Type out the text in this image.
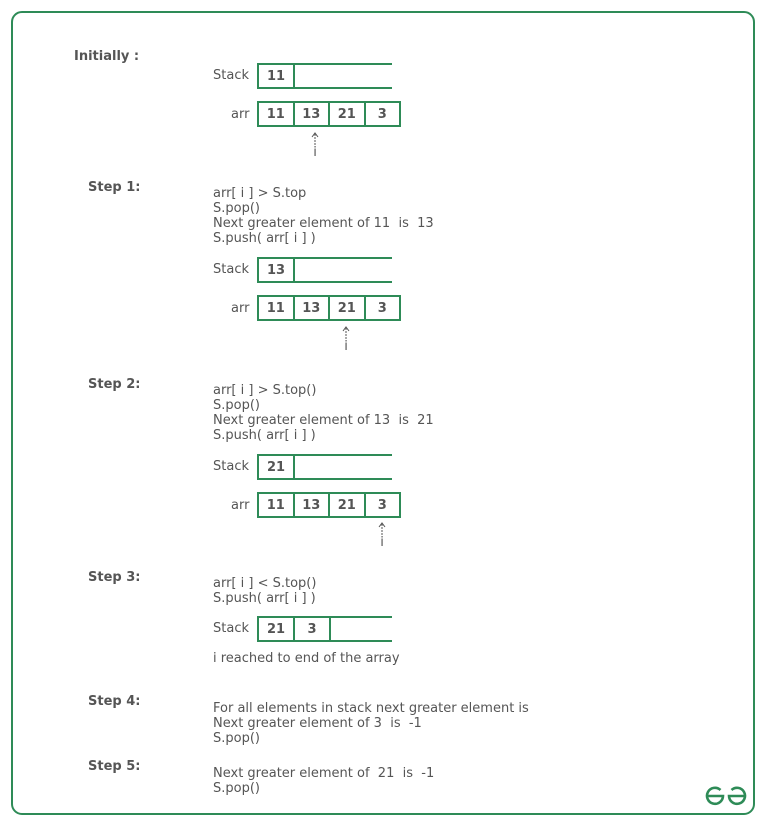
Initially :
Stack	11
arr	11	13	21	3
i
Step 1:	arr[ i ] > S.top
S.pop()
Next greater element of 11  is  13
S.push( arr[ i ] )
Stack	13
arr	11	13	21	3
i
Step 2:	arr[ i ] > S.top()
S.pop()
Next greater element of 13  is  21
S.push( arr[ i ] )
Stack	21
arr	11	13	21	3
i
Step 3:	arr[ i ] < S.top()
S.push( arr[ i ] )
Stack	21	3
i reached to end of the array
Step 4:	For all elements in stack next greater element is
Next greater element of 3  is  -1
S.pop()
Step 5:	Next greater element of  21  is  -1
S.pop()
